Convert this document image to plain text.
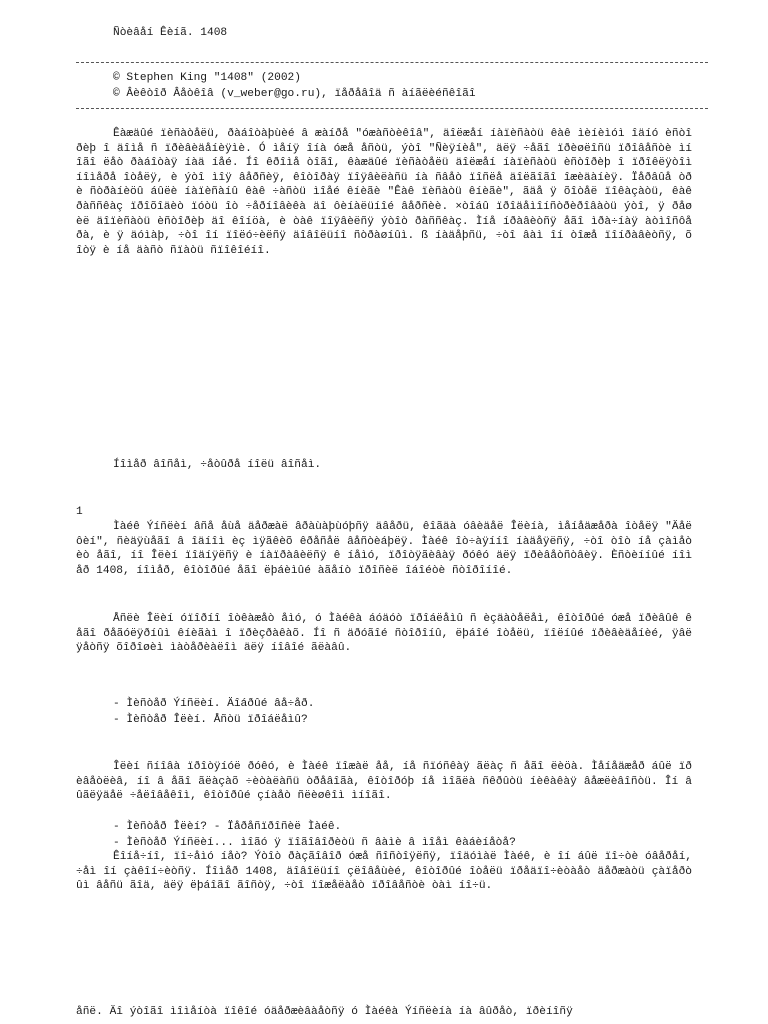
Ñòèâåí Êèíã. 1408
© Stephen King "1408" (2002)
© Âèêòîð Âåòêîâ (v_weber@go.ru), ïåðåâîä ñ àíãëèéñêîãî

Êàæäûé ïèñàòåëü, ðàáîòàþùèé â æàíðå "óæàñòèêîâ", äîëæåí íàïèñàòü êàê ìèíèìóì îäíó èñòîðèþ î äîìå ñ ïðèâèäåíèÿìè. Ó ìåíÿ îíà óæå åñòü, ýòî "Ñèÿíèå", äëÿ ÷åãî ïðèøëîñü ïðîâåñòè ìíîãî ëåò ðàáîòàÿ íàä íåé. Íî êðîìå òîãî, êàæäûé ïèñàòåëü äîëæåí íàïèñàòü èñòîðèþ î ïðîêëÿòîì íîìåðå îòåëÿ, è ýòî ìîÿ âåðñèÿ, êîòîðàÿ ïîÿâèëàñü íà ñâåò ïîñëå äîëãîãî îæèäàíèÿ. Ïåðâûå òðè ñòðàíèöû áûëè íàïèñàíû êàê ÷àñòü ìîåé êíèãè "Êàê ïèñàòü êíèãè", ãäå ÿ õîòåë ïîêàçàòü, êàê ðàññêàç ïðîõîäèò ïóòü îò ÷åðíîâèêà äî ôèíàëüíîé âåðñèè. ×òîáû ïðîäåìîíñòðèðîâàòü ýòî, ÿ ðåøèë äîïèñàòü èñòîðèþ äî êîíöà, è òàê ïîÿâèëñÿ ýòîò ðàññêàç. Ìíå íðàâèòñÿ åãî ìðà÷íàÿ àòìîñôåðà, è ÿ äóìàþ, ÷òî îí ïîëó÷èëñÿ äîâîëüíî ñòðàøíûì. ß íàäåþñü, ÷òî âàì îí òîæå ïîíðàâèòñÿ, õîòÿ è íå äàñò ñïàòü ñïîêîéíî.

Íîìåð âîñåì, ÷åòûðå íîëü âîñåì.

1

Ìàéê Ýíñëèí âñå åùå äåðæàë âðàùàþùóþñÿ äâåðü, êîãäà óâèäåë Îëèíà, ìåíåäæåðà îòåëÿ "Äåëôèí", ñèäÿùåãî â îäíîì èç ìÿãêèõ êðåñåë âåñòèáþëÿ. Ìàéê îò÷àÿííî íàäåÿëñÿ, ÷òî òîò íå çàìåòèò åãî, íî Îëèí ïîäíÿëñÿ è íàïðàâèëñÿ ê íåìó, ïðîòÿãèâàÿ ðóêó äëÿ ïðèâåòñòâèÿ. Èñòèííûé íîìåð 1408, íîìåð, êîòîðûé åãî ëþáèìûé àãåíò ïðîñèë îáîéòè ñòîðîíîé.

Åñëè Îëèí óïîðíî îòêàæåò åìó, ó Ìàéêà áóäóò ïðîáëåìû ñ èçäàòåëåì, êîòîðûé óæå ïðèâûê ê åãî ðåãóëÿðíûì êíèãàì î ïðèçðàêàõ. Íî ñ äðóãîé ñòîðîíû, ëþáîé îòåëü, ïîëíûé ïðèâèäåíèé, ÿâëÿåòñÿ õîðîøèì ìàòåðèàëîì äëÿ íîâîé ãëàâû.

- Ìèñòåð Ýíñëèí. Äîáðûé âå÷åð.
- Ìèñòåð Îëèí. Åñòü ïðîáëåìû?

Îëèí ñíîâà ïðîòÿíóë ðóêó, è Ìàéê ïîæàë åå, íå ñïóñêàÿ ãëàç ñ åãî ëèöà. Ìåíåäæåð áûë ïðèâåòëèâ, íî â åãî ãëàçàõ ÷èòàëàñü òðåâîãà, êîòîðóþ íå ìîãëà ñêðûòü íèêàêàÿ âåæëèâîñòü. Îí âûãëÿäåë ÷åëîâåêîì, êîòîðûé çíàåò ñëèøêîì ìíîãî.

- Ìèñòåð Îëèí? - Ïåðåñïðîñèë Ìàéê.
- Ìèñòåð Ýíñëèí... ìîãó ÿ ïîãîâîðèòü ñ âàìè â ìîåì êàáèíåòå?

Êîíå÷íî, ïî÷åìó íåò? Ýòîò ðàçãîâîð óæå ñîñòîÿëñÿ, ïîäóìàë Ìàéê, è îí áûë ïî÷òè óâåðåí, ÷åì îí çàêîí÷èòñÿ. Íîìåð 1408, äîâîëüíî çëîâåùèé, êîòîðûé îòåëü ïðåäïî÷èòàåò äåðæàòü çàïåðòûì âåñü ãîä, äëÿ ëþáîãî ãîñòÿ, ÷òî ïîæåëàåò ïðîâåñòè òàì íî÷ü.

åñë. Äî ýòîãî ìîìåíòà ïîêîé óäåðæèâàåòñÿ ó Ìàéêà Ýíñëèíà íà âûðåò, ïðèíîñÿ
